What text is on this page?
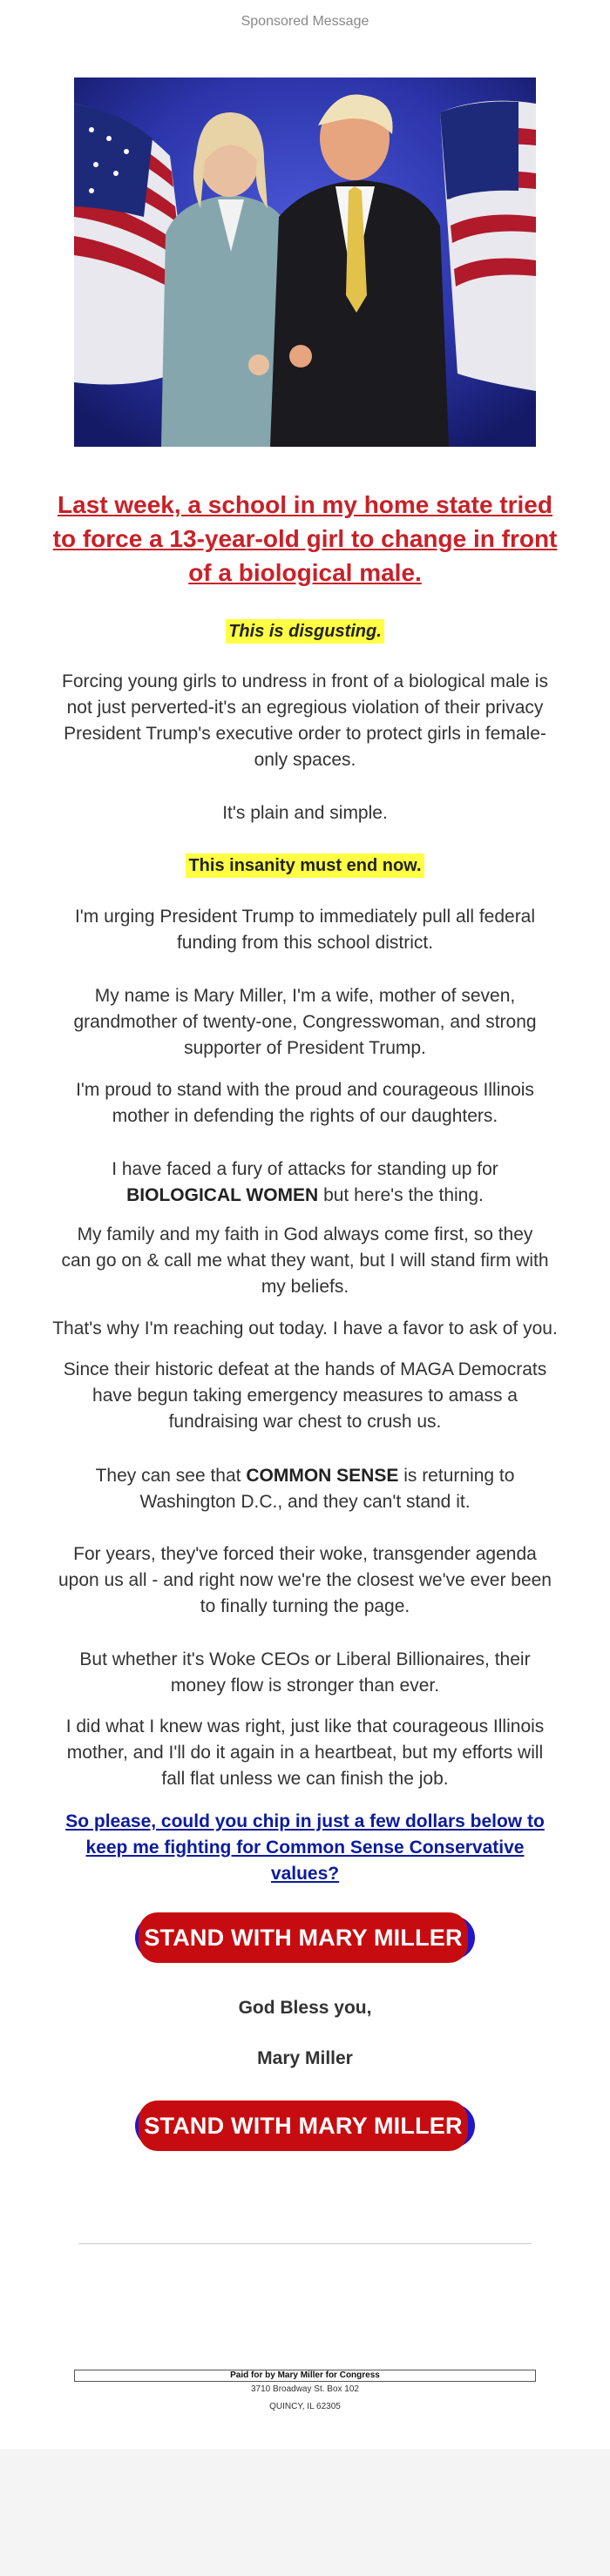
Sponsored Message
Last week, a school in my home state tried to force a 13-year-old girl to change in front of a biological male.
This is disgusting.
Forcing young girls to undress in front of a biological male is not just perverted-it's an egregious violation of their privacy President Trump's executive order to protect girls in female-only spaces.
It's plain and simple.
This insanity must end now.
I'm urging President Trump to immediately pull all federal funding from this school district.
My name is Mary Miller, I'm a wife, mother of seven, grandmother of twenty-one, Congresswoman, and strong supporter of President Trump.
I'm proud to stand with the proud and courageous Illinois mother in defending the rights of our daughters.
I have faced a fury of attacks for standing up for BIOLOGICAL WOMEN but here's the thing.
My family and my faith in God always come first, so they can go on & call me what they want, but I will stand firm with my beliefs.
That's why I'm reaching out today. I have a favor to ask of you.
Since their historic defeat at the hands of MAGA Democrats have begun taking emergency measures to amass a fundraising war chest to crush us.
They can see that COMMON SENSE is returning to Washington D.C., and they can't stand it.
For years, they've forced their woke, transgender agenda upon us all - and right now we're the closest we've ever been to finally turning the page.
But whether it's Woke CEOs or Liberal Billionaires, their money flow is stronger than ever.
I did what I knew was right, just like that courageous Illinois mother, and I'll do it again in a heartbeat, but my efforts will fall flat unless we can finish the job.
So please, could you chip in just a few dollars below to keep me fighting for Common Sense Conservative values?
STAND WITH MARY MILLER
God Bless you,
Mary Miller
STAND WITH MARY MILLER
Paid for by Mary Miller for Congress
3710 Broadway St. Box 102
QUINCY, IL 62305
